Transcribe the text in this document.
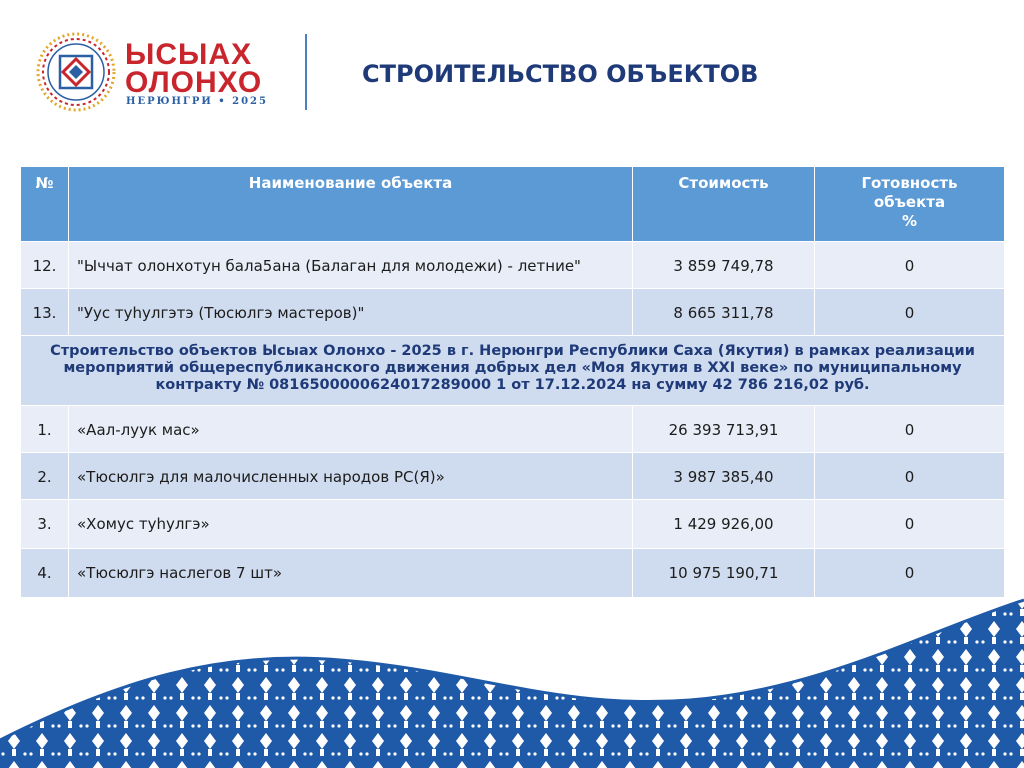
ЫСЫАХ
ОЛОНХО
НЕРЮНГРИ • 2025
СТРОИТЕЛЬСТВО ОБЪЕКТОВ
№	Наименование объекта	Стоимость	Готовность
объекта
%
12.	"Ыччат олонхотун бала5ана (Балаган для молодежи) - летние"	3 859 749,78	0
13.	"Уус туһулгэтэ (Тюсюлгэ мастеров)"	8 665 311,78	0
Строительство объектов Ысыах Олонхо - 2025 в г. Нерюнгри Республики Саха (Якутия) в рамках реализации
мероприятий общереспубликанского движения добрых дел «Моя Якутия в XXI веке» по муниципальному
контракту № 0816500000624017289000 1 от 17.12.2024 на сумму 42 786 216,02 руб.			
1.	«Аал-луук мас»	26 393 713,91	0
2.	«Тюсюлгэ для малочисленных народов РС(Я)»	3 987 385,40	0
3.	«Хомус туһулгэ»	1 429 926,00	0
4.	«Тюсюлгэ наслегов 7 шт»	10 975 190,71	0
